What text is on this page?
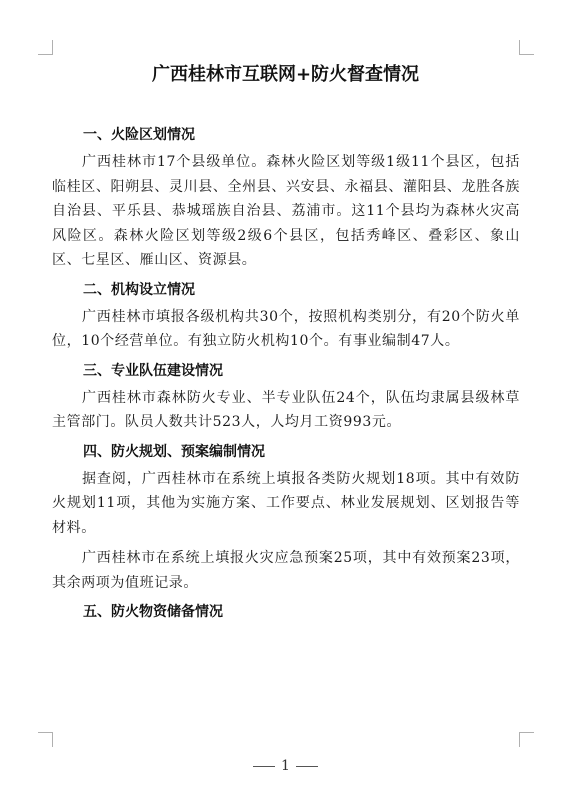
广西桂林市互联网+防火督查情况
一、火险区划情况

广西桂林市17个县级单位。森林火险区划等级1级11个县区，包括临桂区、阳朔县、灵川县、全州县、兴安县、永福县、灌阳县、龙胜各族自治县、平乐县、恭城瑶族自治县、荔浦市。这11个县均为森林火灾高风险区。森林火险区划等级2级6个县区，包括秀峰区、叠彩区、象山区、七星区、雁山区、资源县。

二、机构设立情况

广西桂林市填报各级机构共30个，按照机构类别分，有20个防火单位，10个经营单位。有独立防火机构10个。有事业编制47人。

三、专业队伍建设情况

广西桂林市森林防火专业、半专业队伍24个，队伍均隶属县级林草主管部门。队员人数共计523人，人均月工资993元。

四、防火规划、预案编制情况

据查阅，广西桂林市在系统上填报各类防火规划18项。其中有效防火规划11项，其他为实施方案、工作要点、林业发展规划、区划报告等材料。

广西桂林市在系统上填报火灾应急预案25项，其中有效预案23项，其余两项为值班记录。

五、防火物资储备情况
1
